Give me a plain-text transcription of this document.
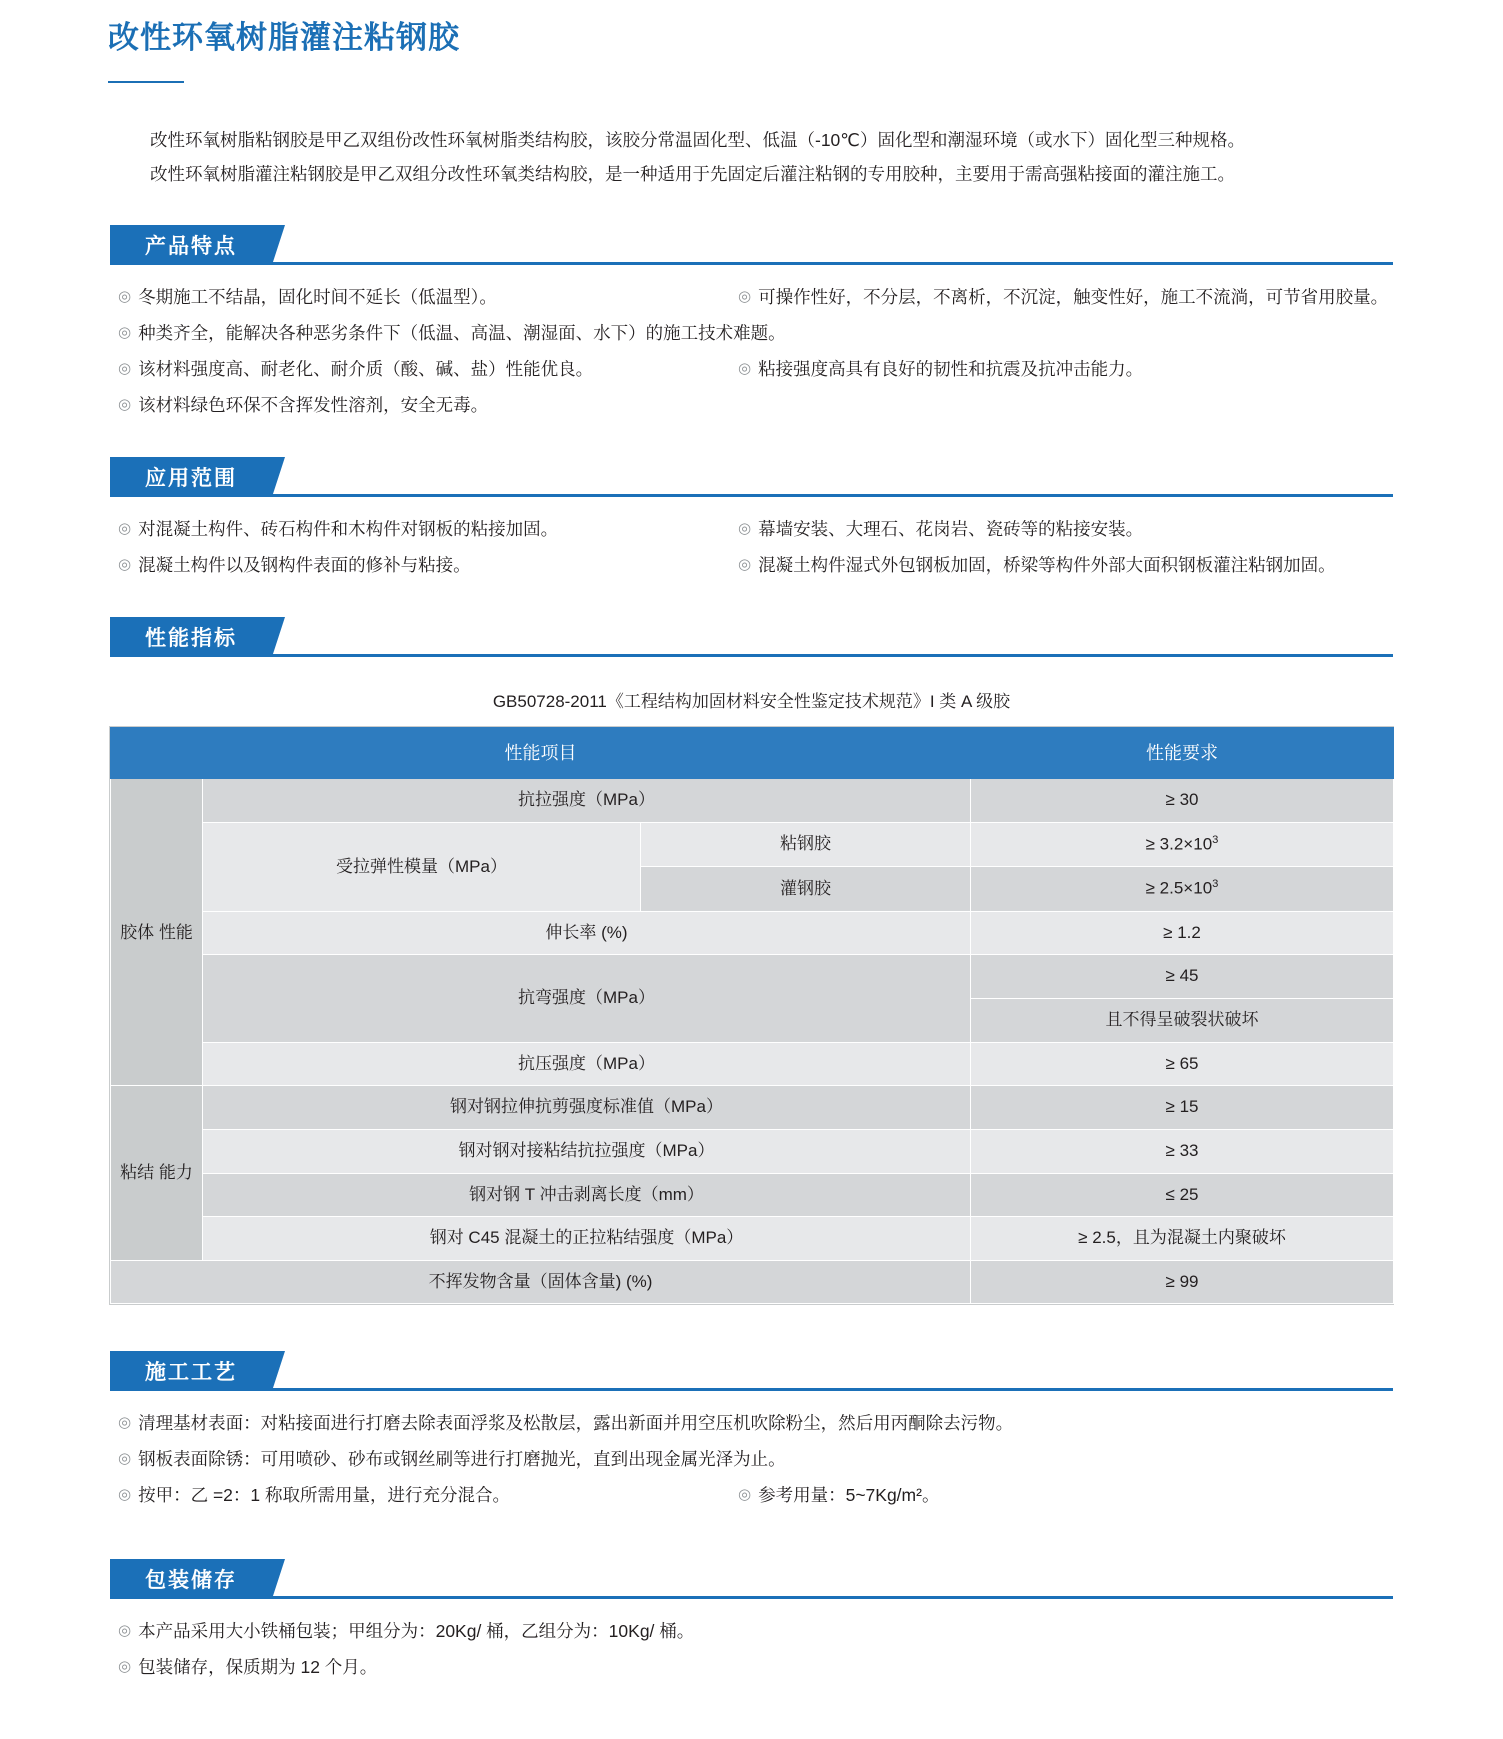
改性环氧树脂灌注粘钢胶

改性环氧树脂粘钢胶是甲乙双组份改性环氧树脂类结构胶，该胶分常温固化型、低温（-10℃）固化型和潮湿环境（或水下）固化型三种规格。

改性环氧树脂灌注粘钢胶是甲乙双组分改性环氧类结构胶，是一种适用于先固定后灌注粘钢的专用胶种，主要用于需高强粘接面的灌注施工。

产品特点
◎ 冬期施工不结晶，固化时间不延长（低温型）。	◎ 可操作性好，不分层，不离析，不沉淀，触变性好，施工不流淌，可节省用胶量。
◎ 种类齐全，能解决各种恶劣条件下（低温、高温、潮湿面、水下）的施工技术难题。
◎ 该材料强度高、耐老化、耐介质（酸、碱、盐）性能优良。	◎ 粘接强度高具有良好的韧性和抗震及抗冲击能力。
◎ 该材料绿色环保不含挥发性溶剂，安全无毒。
应用范围
◎ 对混凝土构件、砖石构件和木构件对钢板的粘接加固。	◎ 幕墙安装、大理石、花岗岩、瓷砖等的粘接安装。
◎ 混凝土构件以及钢构件表面的修补与粘接。	◎ 混凝土构件湿式外包钢板加固，桥梁等构件外部大面积钢板灌注粘钢加固。
性能指标
GB50728-2011《工程结构加固材料安全性鉴定技术规范》I 类 A 级胶
性能项目			性能要求
胶体 性能	抗拉强度（MPa）		≥ 30
	受拉弹性模量（MPa）	粘钢胶	≥ $3.2\times 10^3$
		灌钢胶	≥ $2.5\times 10^3$
	伸长率 (%)		≥ 1.2
	抗弯强度（MPa）		≥ 45
			且不得呈破裂状破坏
	抗压强度（MPa）		≥ 65
粘结 能力	钢对钢拉伸抗剪强度标准值（MPa）		≥ 15
	钢对钢对接粘结抗拉强度（MPa）		≥ 33
	钢对钢 T 冲击剥离长度（mm）		≤ 25
	钢对 C45 混凝土的正拉粘结强度（MPa）		≥ 2.5，且为混凝土内聚破坏
不挥发物含量（固体含量) (%)			≥ 99
施工工艺
◎ 清理基材表面：对粘接面进行打磨去除表面浮浆及松散层，露出新面并用空压机吹除粉尘，然后用丙酮除去污物。
◎ 钢板表面除锈：可用喷砂、砂布或钢丝刷等进行打磨抛光，直到出现金属光泽为止。
◎ 按甲：乙 =2：1 称取所需用量，进行充分混合。	◎ 参考用量：5~7Kg/m²。
包装储存
◎ 本产品采用大小铁桶包装；甲组分为：20Kg/ 桶，乙组分为：10Kg/ 桶。
◎ 包装储存，保质期为 12 个月。
